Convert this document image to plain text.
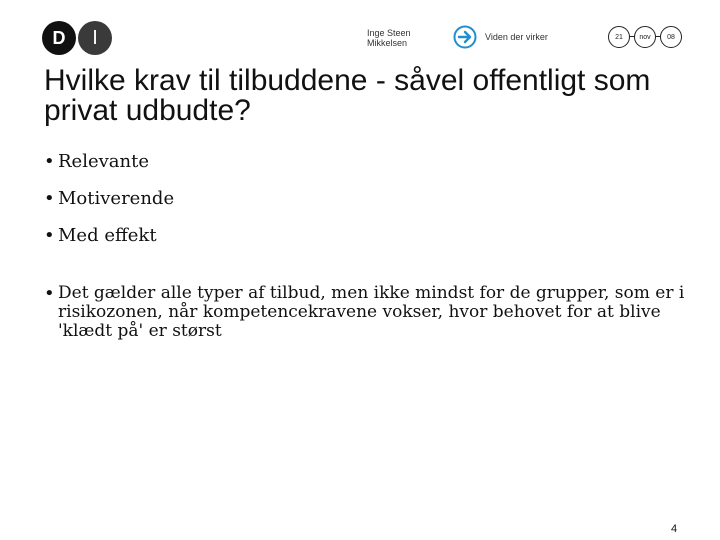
D	I	Inge Steen Mikkelsen
Viden der virker	21	nov	08
Hvilke krav til tilbuddene - såvel offentligt som privat udbudte?
• Relevante
• Motiverende
• Med effekt
• Det gælder alle typer af tilbud, men ikke mindst for de grupper, som er i risikozonen, når kompetencekravene vokser, hvor behovet for at blive 'klædt på' er størst
4
